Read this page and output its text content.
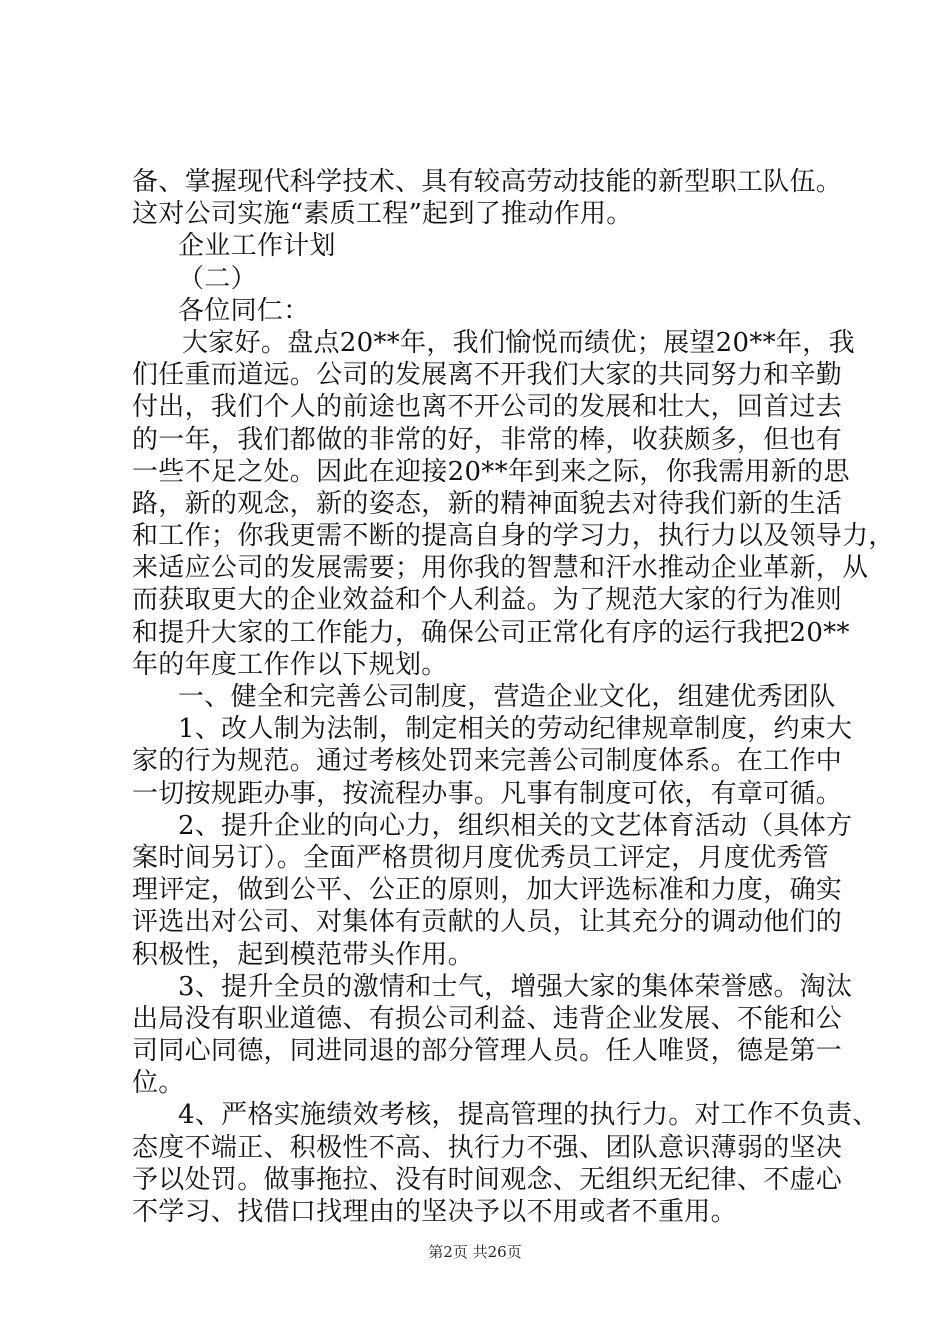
备、掌握现代科学技术、具有较高劳动技能的新型职工队伍。
这对公司实施“素质工程”起到了推动作用。
企业工作计划
（二）
各位同仁：
大家好。盘点20**年，我们愉悦而绩优；展望20**年，我
们任重而道远。公司的发展离不开我们大家的共同努力和辛勤
付出，我们个人的前途也离不开公司的发展和壮大，回首过去
的一年，我们都做的非常的好，非常的棒，收获颇多，但也有
一些不足之处。因此在迎接20**年到来之际，你我需用新的思
路，新的观念，新的姿态，新的精神面貌去对待我们新的生活
和工作；你我更需不断的提高自身的学习力，执行力以及领导力，
来适应公司的发展需要；用你我的智慧和汗水推动企业革新，从
而获取更大的企业效益和个人利益。为了规范大家的行为准则
和提升大家的工作能力，确保公司正常化有序的运行我把20**
年的年度工作作以下规划。
一、健全和完善公司制度，营造企业文化，组建优秀团队
1、改人制为法制，制定相关的劳动纪律规章制度，约束大
家的行为规范。通过考核处罚来完善公司制度体系。在工作中
一切按规距办事，按流程办事。凡事有制度可依，有章可循。
2、提升企业的向心力，组织相关的文艺体育活动（具体方
案时间另订）。全面严格贯彻月度优秀员工评定，月度优秀管
理评定，做到公平、公正的原则，加大评选标准和力度，确实
评选出对公司、对集体有贡献的人员，让其充分的调动他们的
积极性，起到模范带头作用。
3、提升全员的激情和士气，增强大家的集体荣誉感。淘汰
出局没有职业道德、有损公司利益、违背企业发展、不能和公
司同心同德，同进同退的部分管理人员。任人唯贤，德是第一
位。
4、严格实施绩效考核，提高管理的执行力。对工作不负责、
态度不端正、积极性不高、执行力不强、团队意识薄弱的坚决
予以处罚。做事拖拉、没有时间观念、无组织无纪律、不虚心
不学习、找借口找理由的坚决予以不用或者不重用。
第2页 共26页
